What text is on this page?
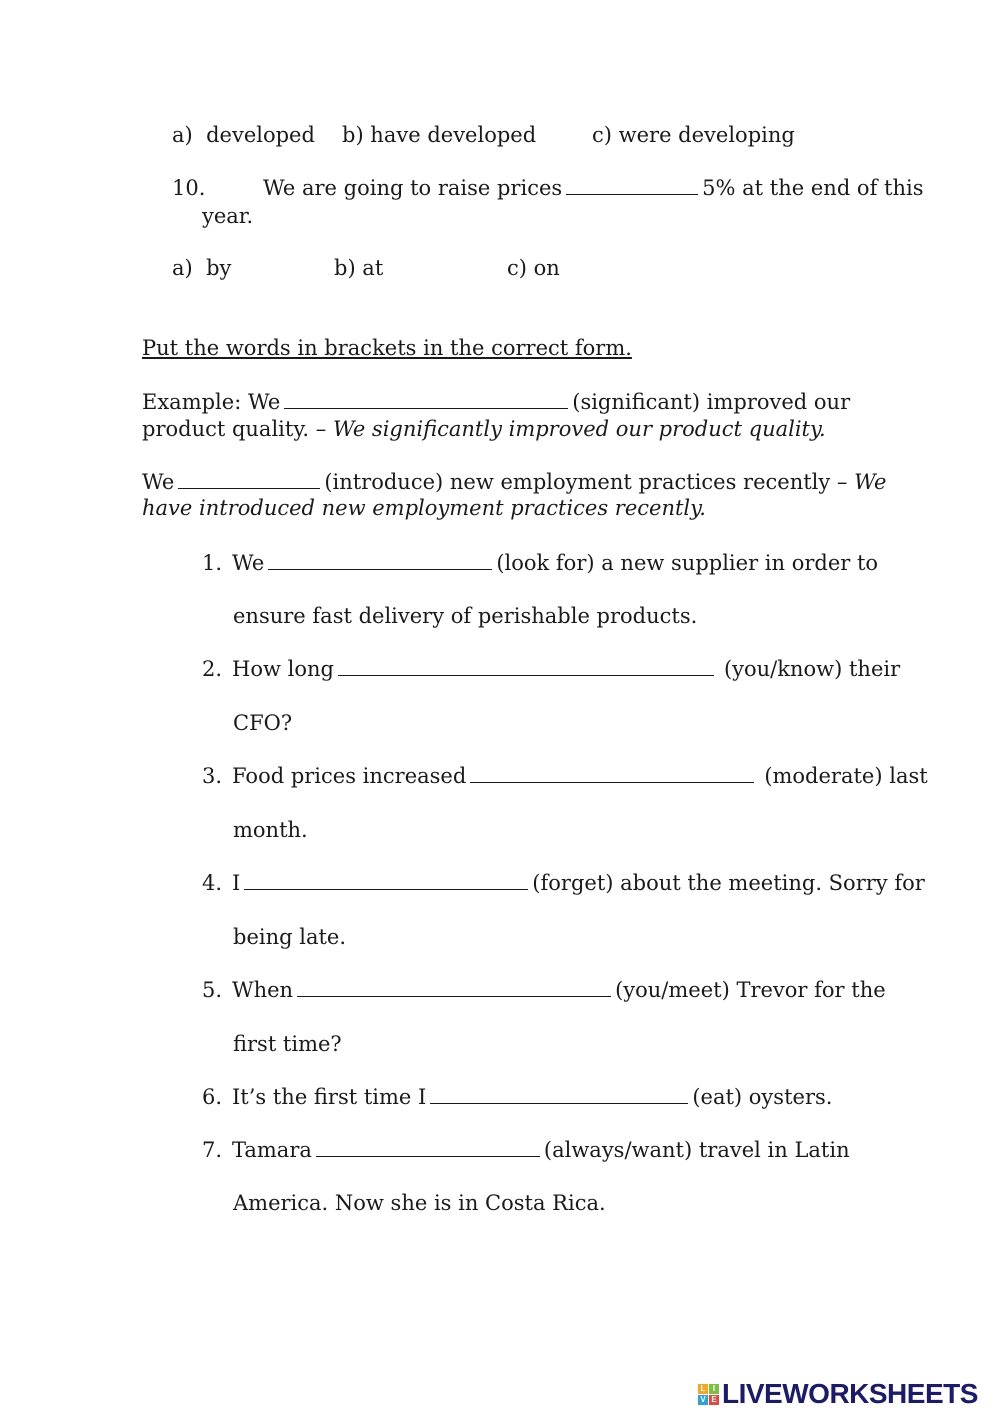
a) developed b) have developed	c) were developing
10.	We are going to raise prices	5% at the end of this
year.
a) by	b) at	c) on
Put the words in brackets in the correct form.
Example: We	(significant) improved our
product quality. – We significantly improved our product quality.
We	(introduce) new employment practices recently – We
have introduced new employment practices recently.
1. We	(look for) a new supplier in order to
ensure fast delivery of perishable products.
2. How long	(you/know) their
CFO?
3. Food prices increased	(moderate) last
month.
4. I	(forget) about the meeting. Sorry for
being late.
5. When	(you/meet) Trevor for the
first time?
6. It’s the first time I	(eat) oysters.
7. Tamara	(always/want) travel in Latin
America. Now she is in Costa Rica.
L I
V E LIVEWORKSHEETS
